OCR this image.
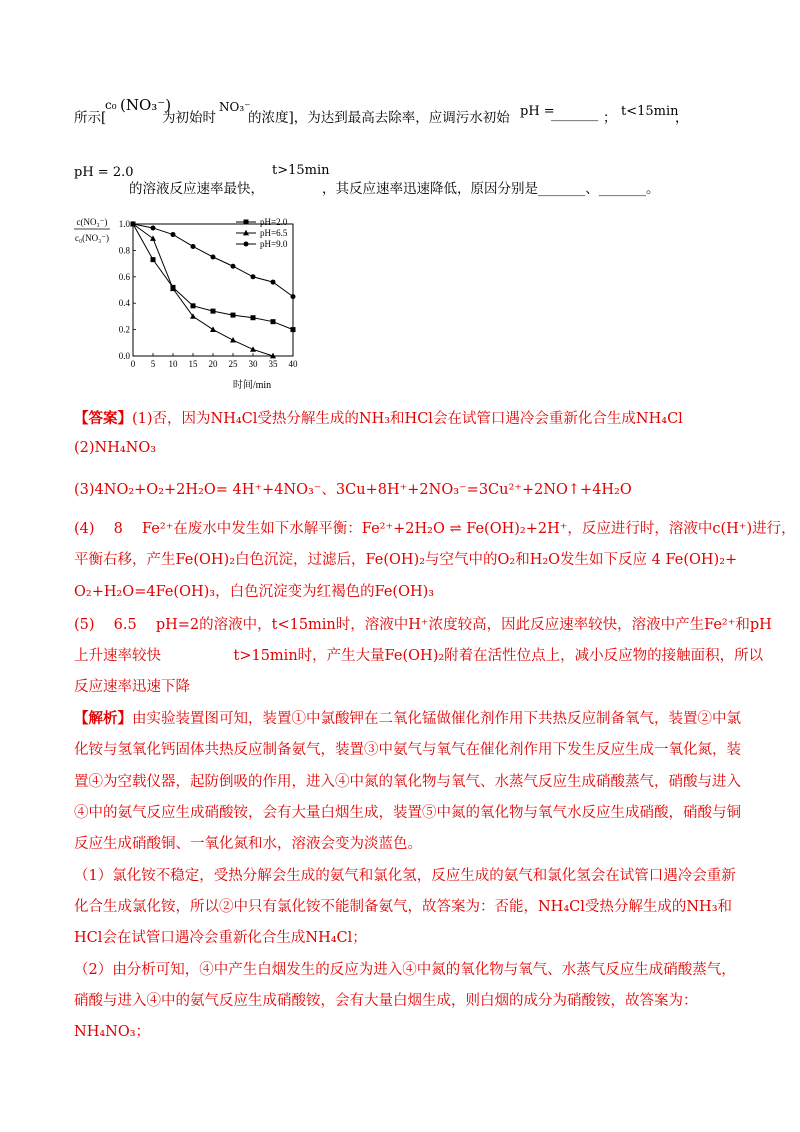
所示[
c₀ (NO₃⁻)
为初始时
NO₃⁻
的浓度]，为达到最高去除率，应调污水初始 pH =
_______ ； t<15min
，
pH = 2.0
的溶液反应速率最快，
t>15min
，其反应速率迅速降低，原因分别是_______、_______。
0 5 10 15 20 25 30 35 40
0.0
0.2
0.4
0.6
0.8
1.0	pH=2.0
pH=6.5
pH=9.0
c(NO₃⁻)
c₀(NO₃⁻)
时间/min
【答案】(1)否，因为NH₄Cl受热分解生成的NH₃和HCl会在试管口遇冷会重新化合生成NH₄Cl
(2)NH₄NO₃
(3)4NO₂+O₂+2H₂O= 4H⁺+4NO₃⁻、3Cu+8H⁺+2NO₃⁻=3Cu²⁺+2NO↑+4H₂O
(4)　 8　 Fe²⁺在废水中发生如下水解平衡：Fe²⁺+2H₂O ⇌ Fe(OH)₂+2H⁺，反应进行时，溶液中c(H⁺)进行，
平衡右移，产生Fe(OH)₂白色沉淀，过滤后，Fe(OH)₂与空气中的O₂和H₂O发生如下反应 4 Fe(OH)₂+
O₂+H₂O=4Fe(OH)₃，白色沉淀变为红褐色的Fe(OH)₃
(5)　 6.5　 pH=2的溶液中，t<15min时，溶液中H⁺浓度较高，因此反应速率较快，溶液中产生Fe²⁺和pH
上升速率较快　　　　　t>15min时，产生大量Fe(OH)₂附着在活性位点上，减小反应物的接触面积，所以
反应速率迅速下降
【解析】由实验装置图可知，装置①中氯酸钾在二氧化锰做催化剂作用下共热反应制备氧气，装置②中氯
化铵与氢氧化钙固体共热反应制备氨气，装置③中氨气与氧气在催化剂作用下发生反应生成一氧化氮，装
置④为空载仪器，起防倒吸的作用，进入④中氮的氧化物与氧气、水蒸气反应生成硝酸蒸气，硝酸与进入
④中的氨气反应生成硝酸铵，会有大量白烟生成，装置⑤中氮的氧化物与氧气水反应生成硝酸，硝酸与铜
反应生成硝酸铜、一氧化氮和水，溶液会变为淡蓝色。
（1）氯化铵不稳定，受热分解会生成的氨气和氯化氢，反应生成的氨气和氯化氢会在试管口遇冷会重新
化合生成氯化铵，所以②中只有氯化铵不能制备氨气，故答案为：否能，NH₄Cl受热分解生成的NH₃和
HCl会在试管口遇冷会重新化合生成NH₄Cl；
（2）由分析可知，④中产生白烟发生的反应为进入④中氮的氧化物与氧气、水蒸气反应生成硝酸蒸气，
硝酸与进入④中的氨气反应生成硝酸铵，会有大量白烟生成，则白烟的成分为硝酸铵，故答案为：
NH₄NO₃；
